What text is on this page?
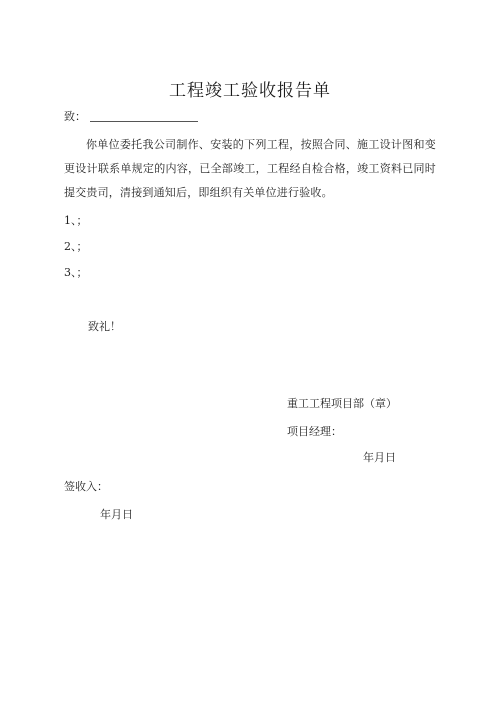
工程竣工验收报告单
致：
你单位委托我公司制作、安装的下列工程，按照合同、施工设计图和变更设计联系单规定的内容，已全部竣工，工程经自检合格，竣工资料已同时提交贵司，清接到通知后，即组织有关单位进行验收。
1、；
2、；
3、；
致礼！
重工工程项目部（章）
项目经理：
年月日
签收入：
年月日
